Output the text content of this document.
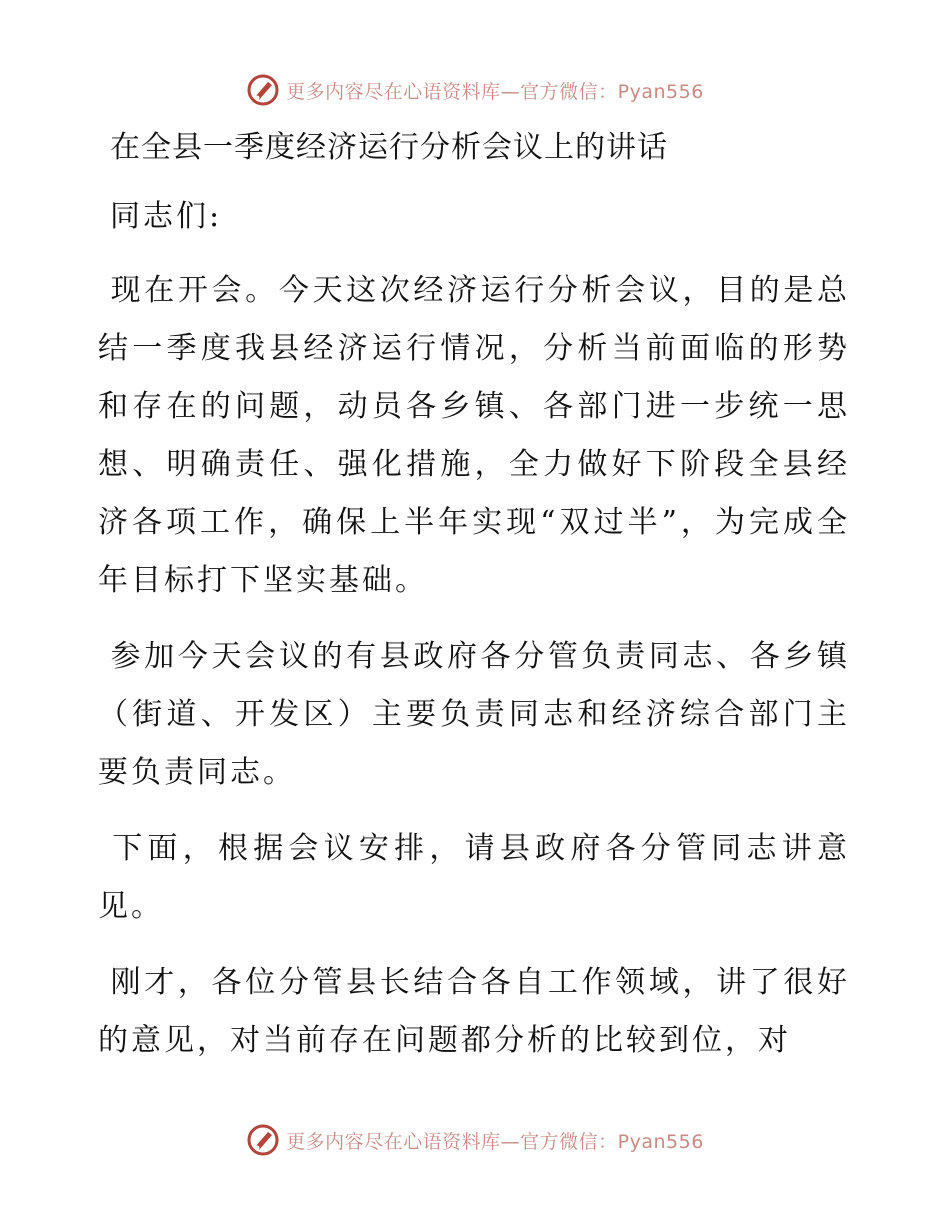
更多内容尽在心语资料库—官方微信：Pyan556
在全县一季度经济运行分析会议上的讲话

同志们:

现在开会。今天这次经济运行分析会议，目的是总结一季度我县经济运行情况，分析当前面临的形势和存在的问题，动员各乡镇、各部门进一步统一思想、明确责任、强化措施，全力做好下阶段全县经济各项工作，确保上半年实现“双过半”，为完成全年目标打下坚实基础。

参加今天会议的有县政府各分管负责同志、各乡镇（街道、开发区）主要负责同志和经济综合部门主要负责同志。

下面，根据会议安排，请县政府各分管同志讲意见。

刚才，各位分管县长结合各自工作领域，讲了很好的意见，对当前存在问题都分析的比较到位，对

更多内容尽在心语资料库—官方微信：Pyan556
